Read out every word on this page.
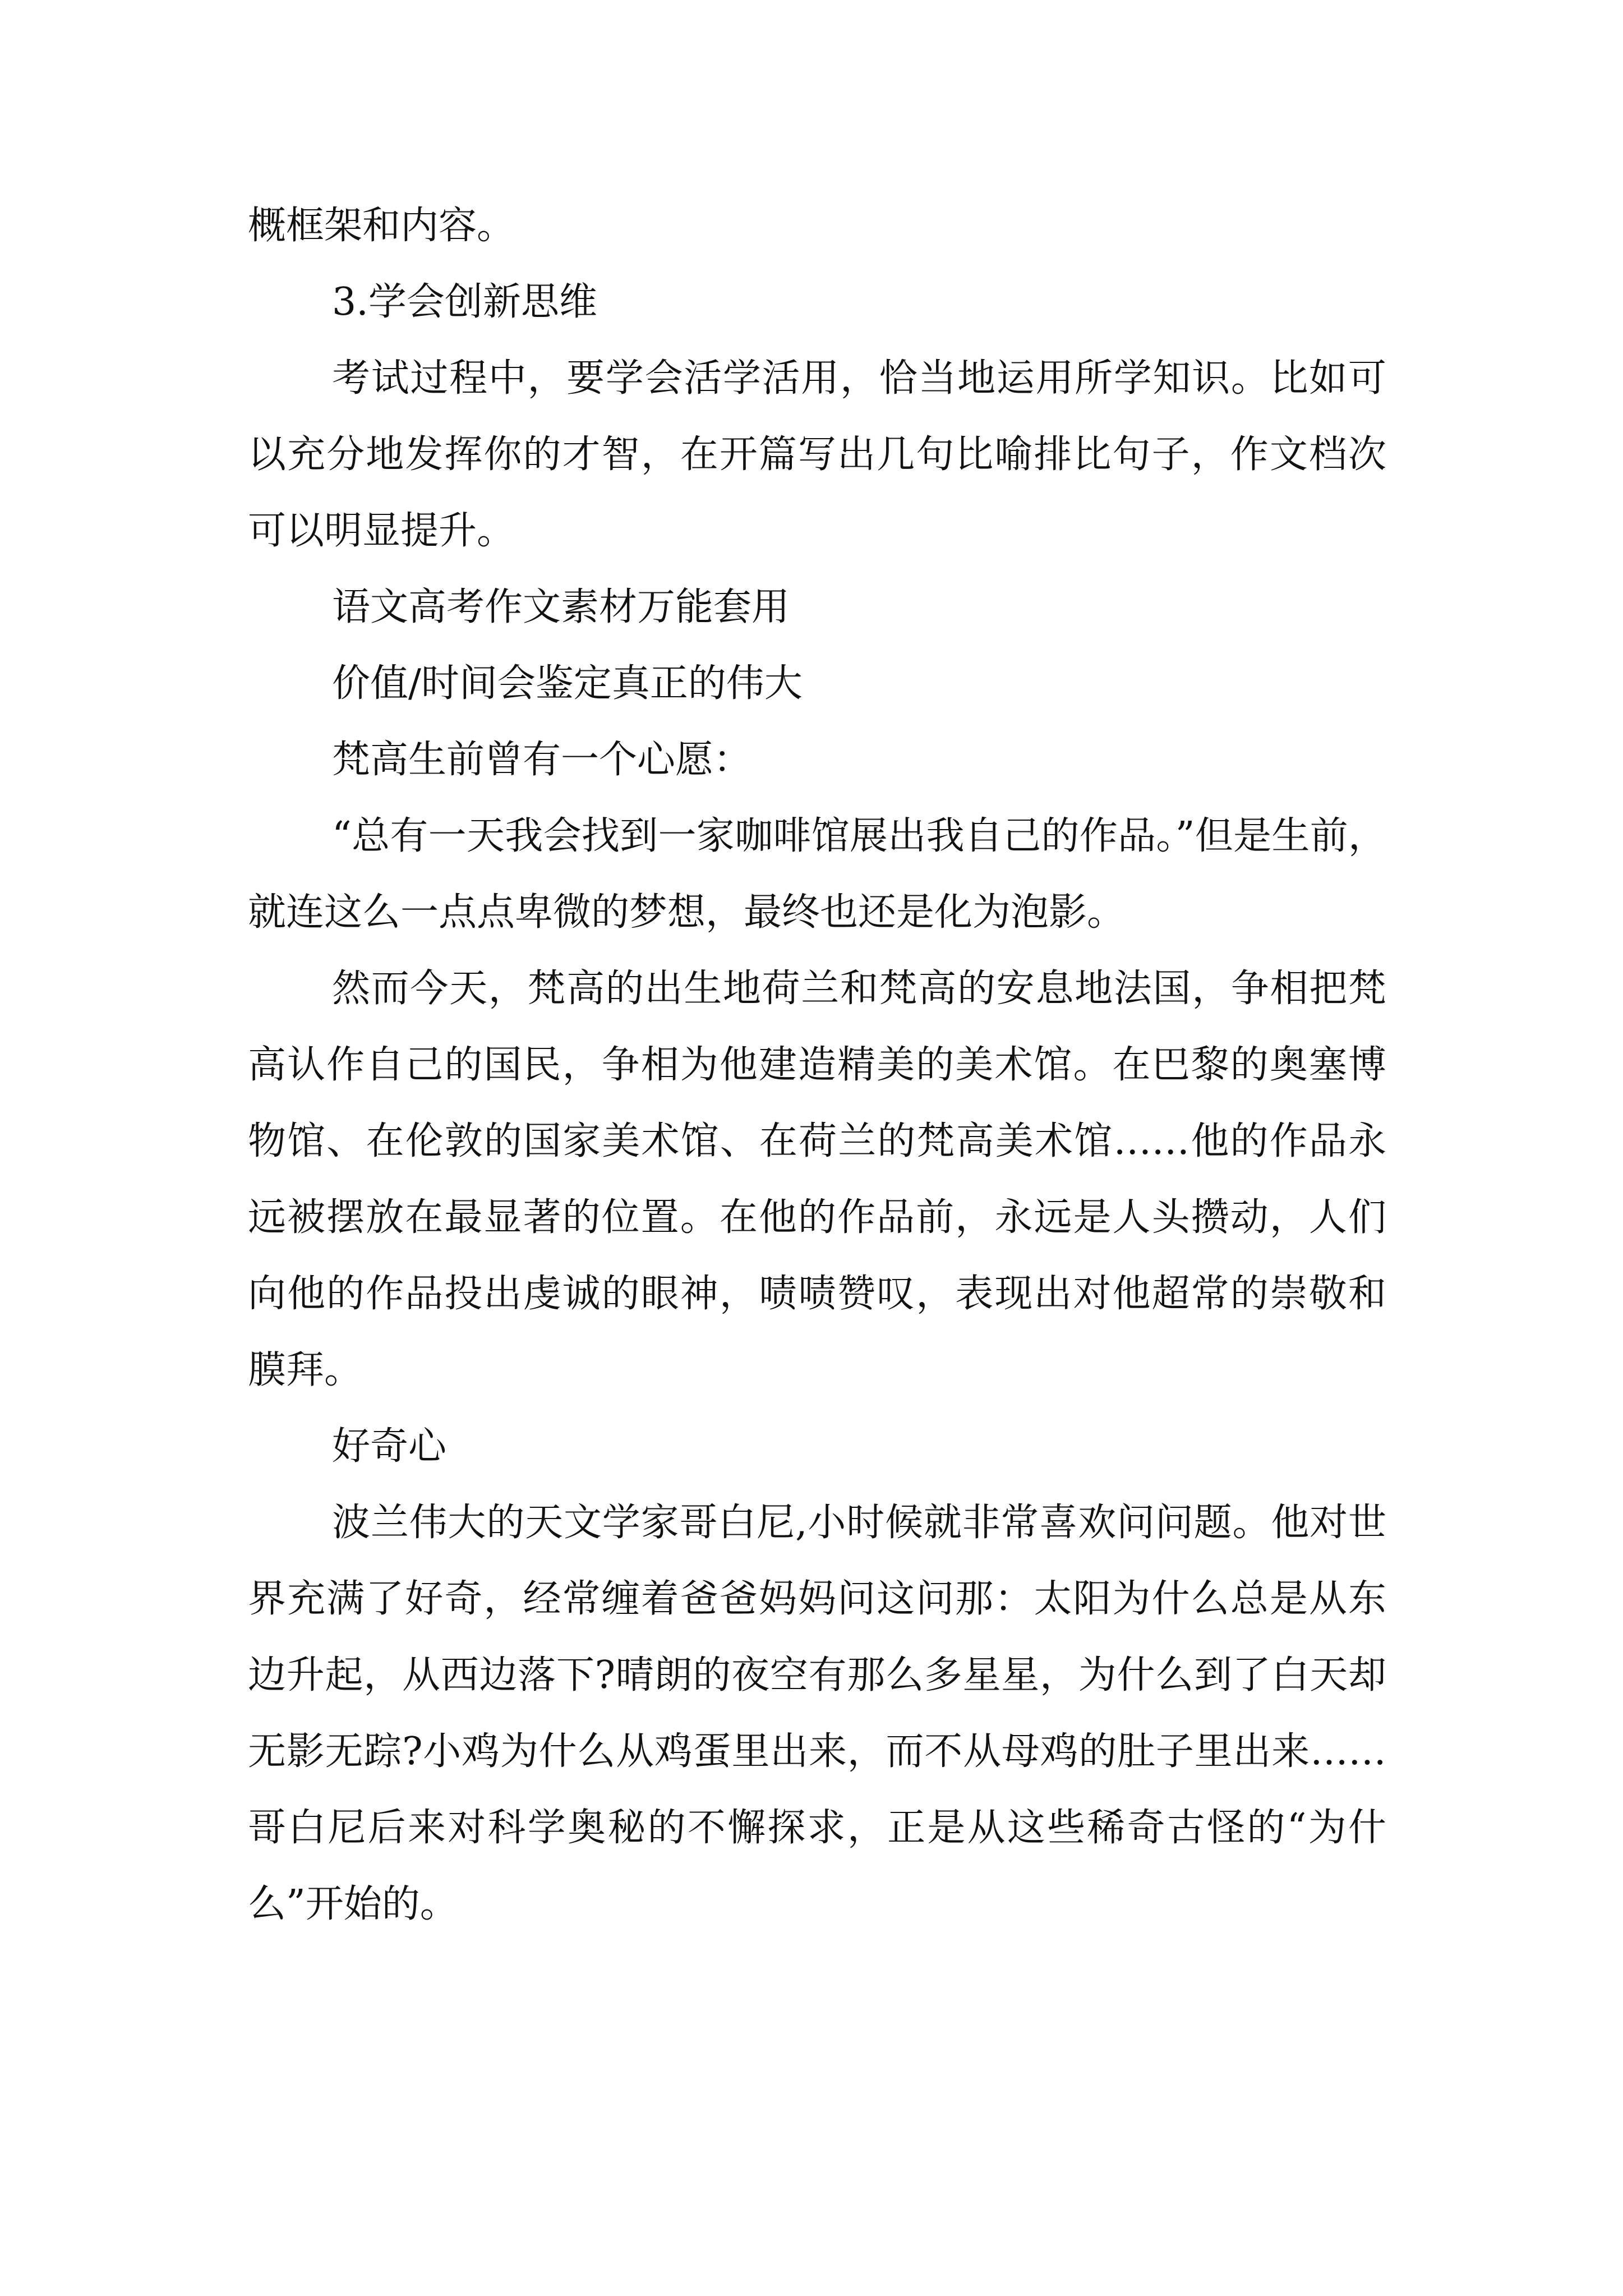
概框架和内容。

3.学会创新思维

考试过程中，要学会活学活用，恰当地运用所学知识。比如可以充分地发挥你的才智，在开篇写出几句比喻排比句子，作文档次可以明显提升。

语文高考作文素材万能套用

价值/时间会鉴定真正的伟大

梵高生前曾有一个心愿：

“总有一天我会找到一家咖啡馆展出我自己的作品。”但是生前，就连这么一点点卑微的梦想，最终也还是化为泡影。

然而今天，梵高的出生地荷兰和梵高的安息地法国，争相把梵高认作自己的国民，争相为他建造精美的美术馆。在巴黎的奥塞博物馆、在伦敦的国家美术馆、在荷兰的梵高美术馆……他的作品永远被摆放在最显著的位置。在他的作品前，永远是人头攒动，人们向他的作品投出虔诚的眼神，啧啧赞叹，表现出对他超常的崇敬和膜拜。

好奇心

波兰伟大的天文学家哥白尼,小时候就非常喜欢问问题。他对世界充满了好奇，经常缠着爸爸妈妈问这问那：太阳为什么总是从东边升起，从西边落下?晴朗的夜空有那么多星星，为什么到了白天却无影无踪?小鸡为什么从鸡蛋里出来，而不从母鸡的肚子里出来……哥白尼后来对科学奥秘的不懈探求，正是从这些稀奇古怪的“为什么”开始的。
